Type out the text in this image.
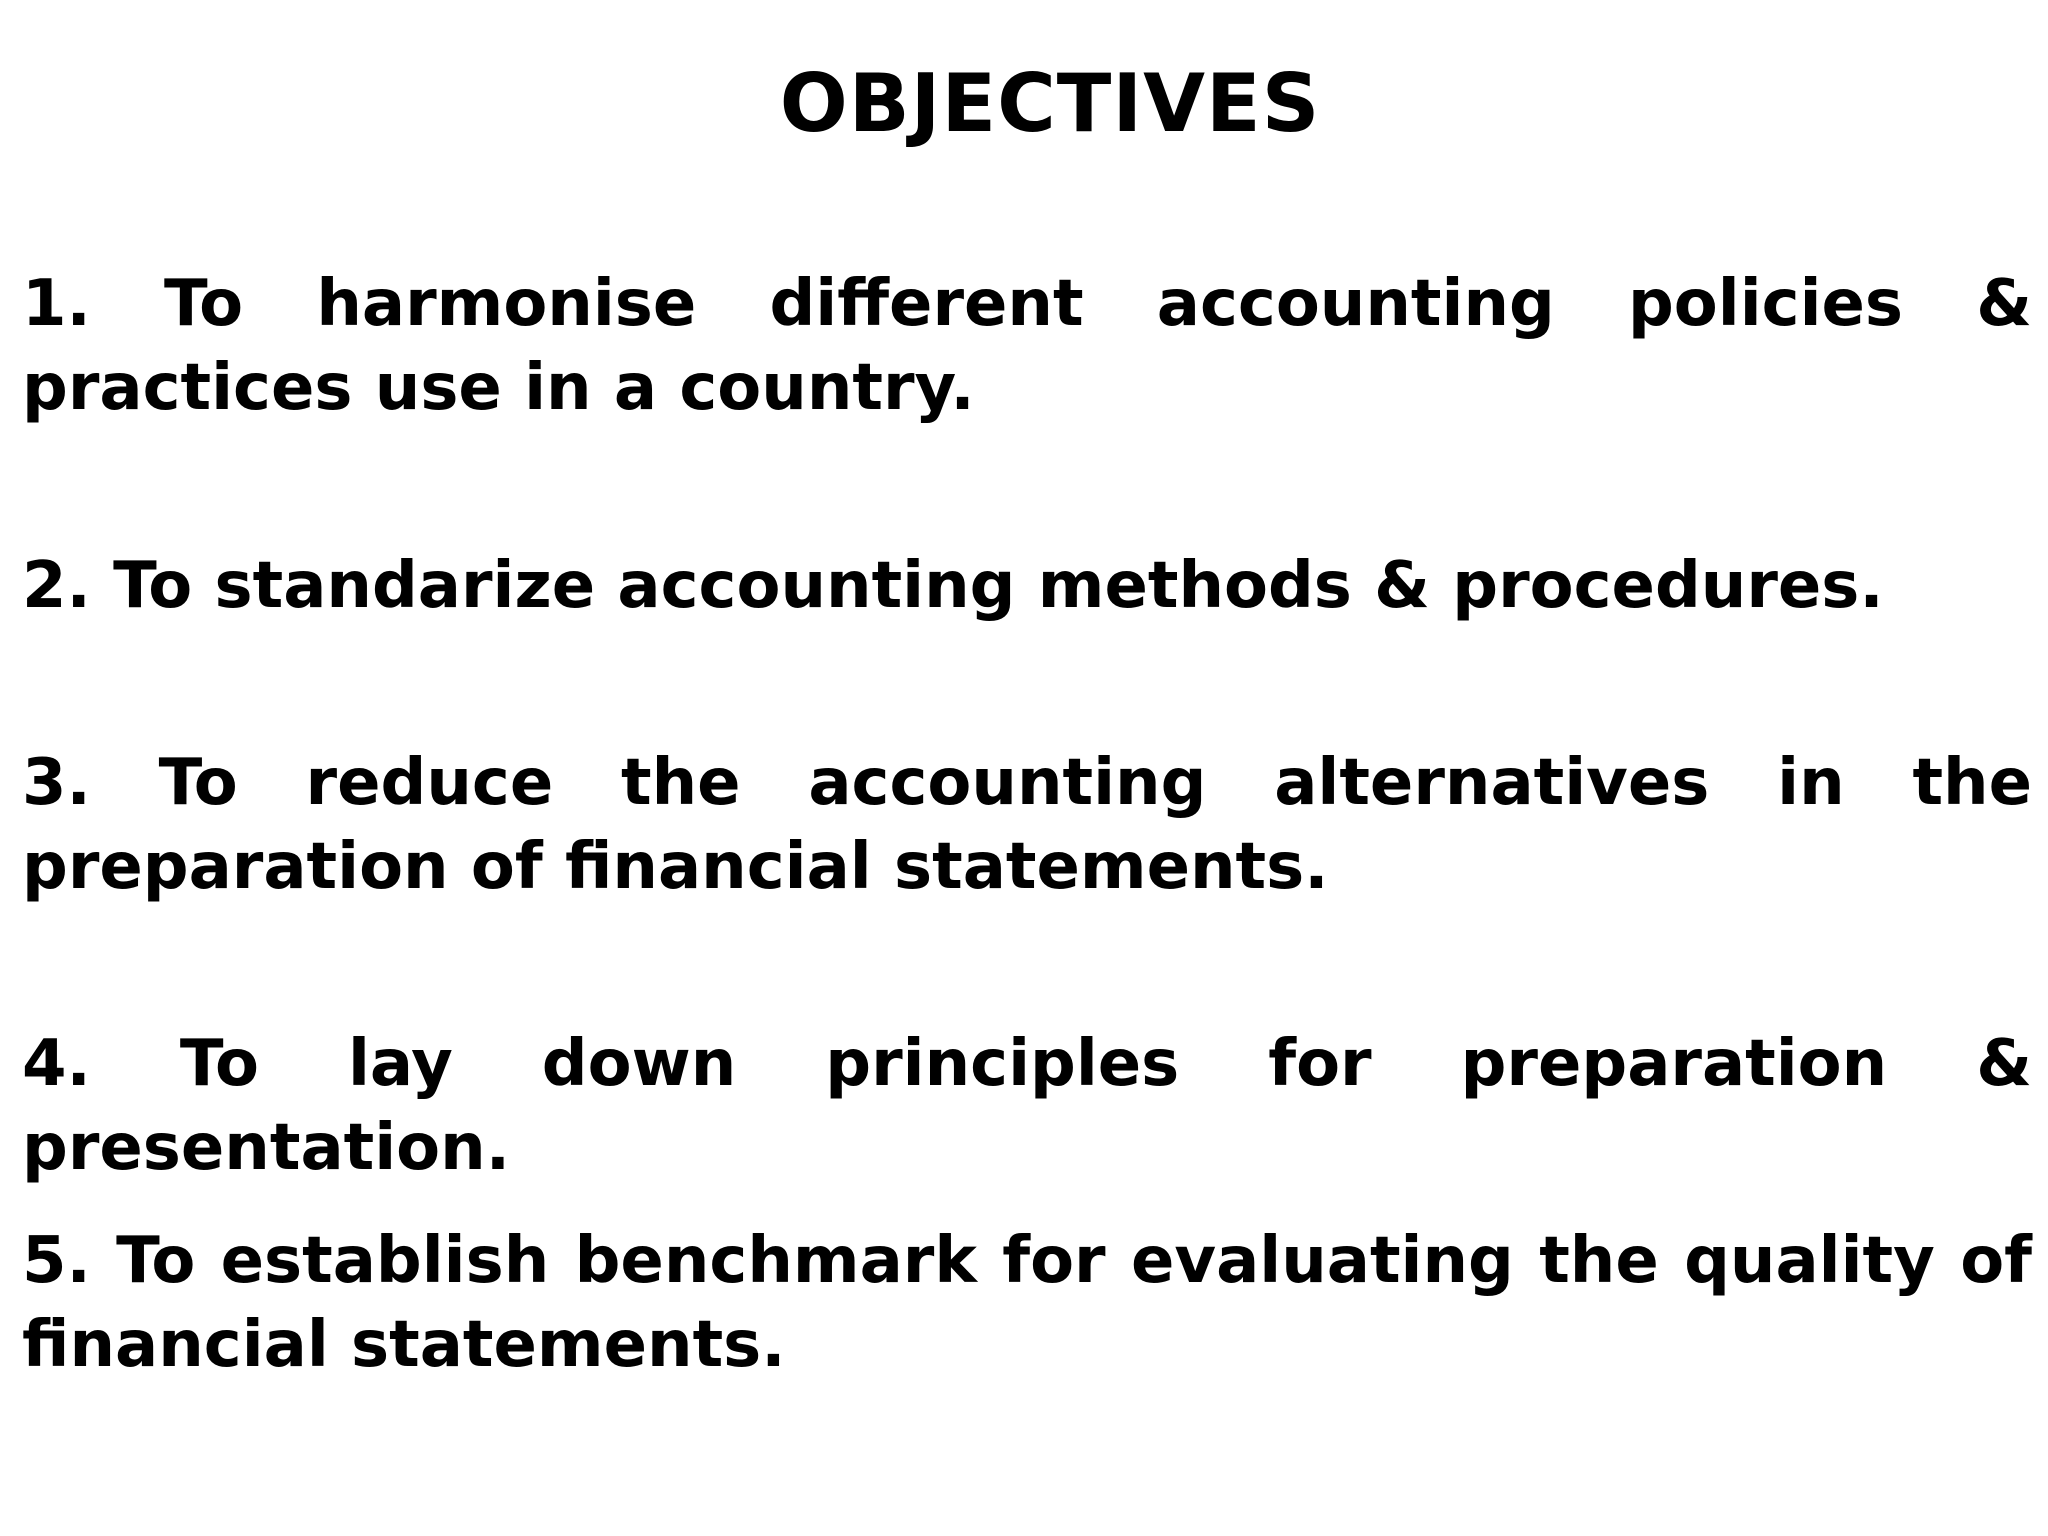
OBJECTIVES

1. To harmonise different accounting policies & practices use in a country.

2. To standarize accounting methods & procedures.

3. To reduce the accounting alternatives in the preparation of financial statements.

4. To lay down principles for preparation & presentation.

5. To establish benchmark for evaluating the quality of financial statements.
